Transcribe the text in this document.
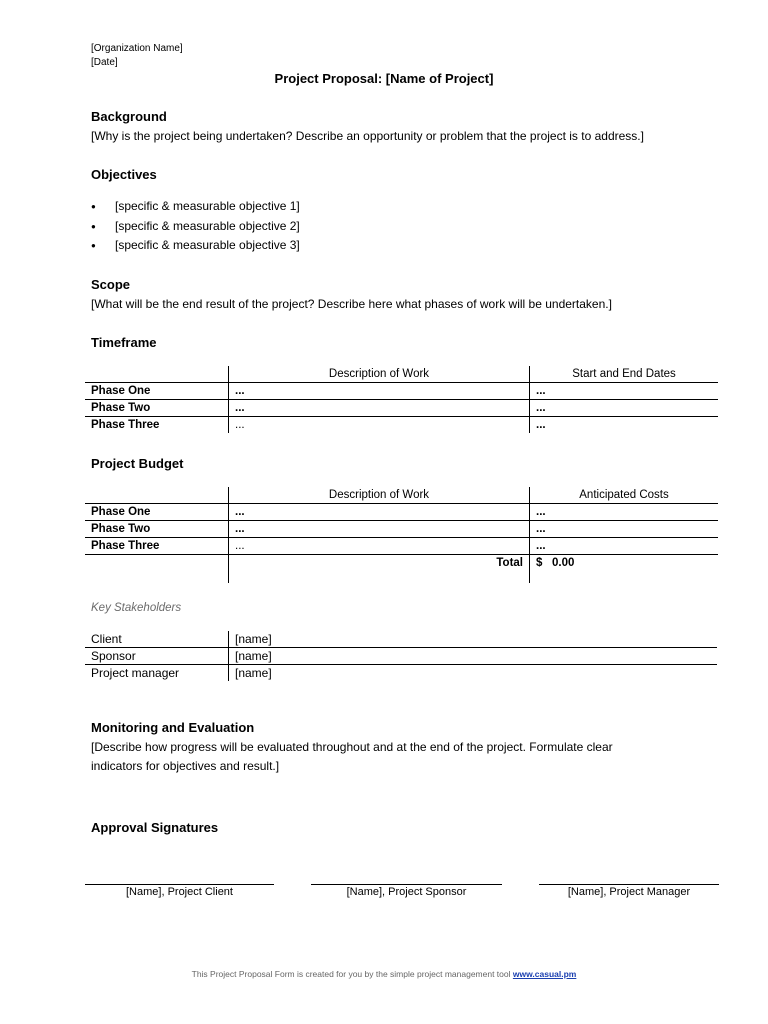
[Organization Name]
[Date]
Project Proposal: [Name of Project]
Background
[Why is the project being undertaken? Describe an opportunity or problem that the project is to address.]
Objectives
● [specific & measurable objective 1]
● [specific & measurable objective 2]
● [specific & measurable objective 3]
Scope
[What will be the end result of the project? Describe here what phases of work will be undertaken.]
Timeframe
	Description of Work	Start and End Dates
Phase One	...	...
Phase Two	...	...
Phase Three	...	...
Project Budget
	Description of Work	Anticipated Costs
Phase One	...	...
Phase Two	...	...
Phase Three	...	...
	Total	$ 0.00
Key Stakeholders
Client	[name]
Sponsor	[name]
Project manager	[name]
Monitoring and Evaluation
[Describe how progress will be evaluated throughout and at the end of the project. Formulate clear
indicators for objectives and result.]
Approval Signatures
[Name], Project Client	[Name], Project Sponsor	[Name], Project Manager
This Project Proposal Form is created for you by the simple project management tool www.casual.pm
